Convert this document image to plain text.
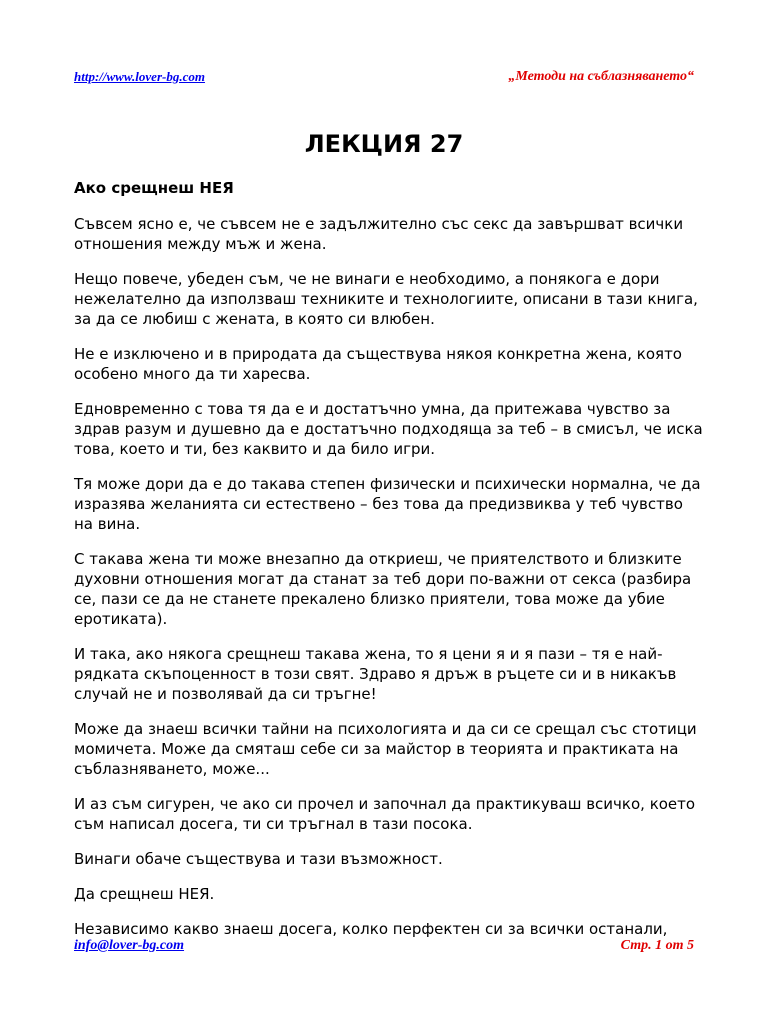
http://www.lover-bg.com	„Методи на съблазняването“
ЛЕКЦИЯ 27
Ако срещнеш НЕЯ

Съвсем ясно е, че съвсем не е задължително със секс да завършват всички отношения между мъж и жена.

Нещо повече, убеден съм, че не винаги е необходимо, а понякога е дори нежелателно да използваш техниките и технологиите, описани в тази книга, за да се любиш с жената, в която си влюбен.

Не е изключено и в природата да съществува някоя конкретна жена, която особено много да ти харесва.

Едновременно с това тя да е и достатъчно умна, да притежава чувство за здрав разум и душевно да е достатъчно подходяща за теб – в смисъл, че иска това, което и ти, без каквито и да било игри.

Тя може дори да е до такава степен физически и психически нормална, че да изразява желанията си естествено – без това да предизвиква у теб чувство на вина.

С такава жена ти може внезапно да откриеш, че приятелството и близките духовни отношения могат да станат за теб дори по-важни от секса (разбира се, пази се да не станете прекалено близко приятели, това може да убие еротиката).

И така, ако някога срещнеш такава жена, то я цени я и я пази – тя е най-рядката скъпоценност в този свят. Здраво я дръж в ръцете си и в никакъв случай не и позволявай да си тръгне!

Може да знаеш всички тайни на психологията и да си се срещал със стотици момичета. Може да смяташ себе си за майстор в теорията и практиката на съблазняването, може...

И аз съм сигурен, че ако си прочел и започнал да практикуваш всичко, което съм написал досега, ти си тръгнал в тази посока.

Винаги обаче съществува и тази възможност.

Да срещнеш НЕЯ.

Независимо какво знаеш досега, колко перфектен си за всички останали,

info@lover-bg.com	Стр. 1 от 5
